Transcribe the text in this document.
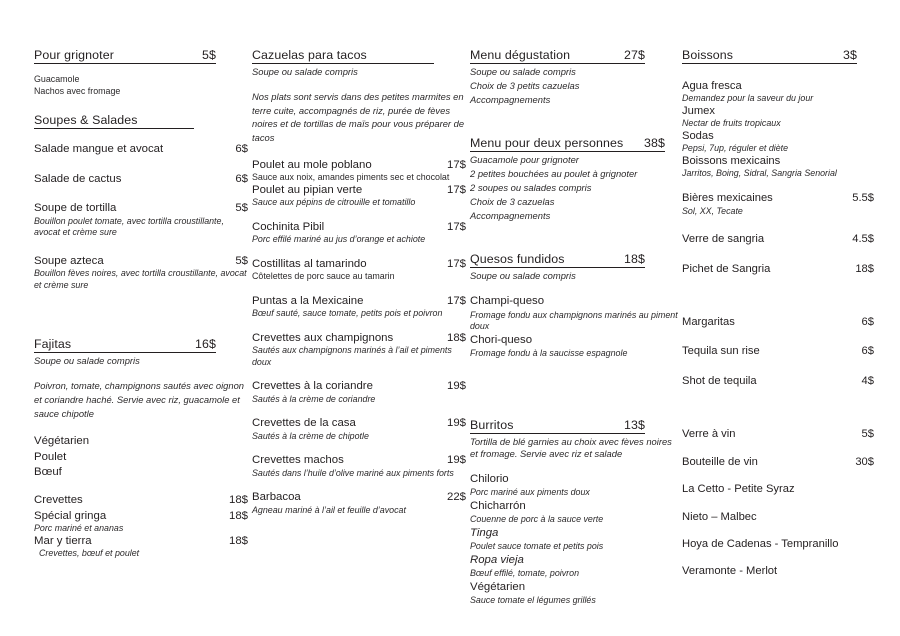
Pour grignoter	5$
Guacamole
Nachos avec fromage
Soupes & Salades
Salade mangue et avocat	6$
Salade de cactus	6$
Soupe de tortilla	5$
Bouillon poulet tomate, avec tortilla croustillante, avocat et crème sure
Soupe azteca	5$
Bouillon fèves noires, avec tortilla croustillante, avocat et crème sure
Fajitas	16$
Soupe ou salade compris
Poivron, tomate, champignons sautés avec oignon et coriandre haché. Servie avec riz, guacamole et sauce chipotle
Végétarien
Poulet
Bœuf
Crevettes	18$
Spécial gringa	18$
Porc mariné et ananas
Mar y tierra	18$
Crevettes, bœuf et poulet
Cazuelas para tacos
Soupe ou salade compris
Nos plats sont servis dans des petites marmites en terre cuite, accompagnés de riz, purée de fèves noires et de tortillas de maïs pour vous préparer de tacos
Poulet au mole poblano	17$
Sauce aux noix, amandes piments sec et chocolat
Poulet au pipian verte	17$
Sauce aux pépins de citrouille et tomatillo
Cochinita Pibil	17$
Porc effilé mariné au jus d’orange et achiote
Costillitas al tamarindo	17$
Côtelettes de porc sauce au tamarin
Puntas a la Mexicaine	17$
Bœuf sauté, sauce tomate, petits pois et poivron
Crevettes aux champignons	18$
Sautés aux champignons marinés à l’ail et piments doux
Crevettes à la coriandre	19$
Sautés à la crème de coriandre
Crevettes de la casa	19$
Sautés à la crème de chipotle
Crevettes machos	19$
Sautés dans l’huile d’olive mariné aux piments forts
Barbacoa	22$
Agneau mariné à l’ail et feuille d’avocat
Menu dégustation	27$
Soupe ou salade compris
Choix de 3 petits cazuelas
Accompagnements
Menu pour deux personnes 38$
Guacamole pour grignoter
2 petites bouchées au poulet à grignoter
2 soupes ou salades compris
Choix de 3 cazuelas
Accompagnements
Quesos fundidos	18$
Soupe ou salade compris
Champi-queso
Fromage fondu aux champignons marinés au piment doux
Chori-queso
Fromage fondu à la saucisse espagnole
Burritos	13$
Tortilla de blé garnies au choix avec fèves noires et fromage. Servie avec riz et salade
Chilorio
Porc mariné aux piments doux
Chicharrón
Couenne de porc à la sauce verte
Tinga
Poulet sauce tomate et petits pois
Ropa vieja
Bœuf effilé, tomate, poivron
Végétarien
Sauce tomate el légumes grillés
Boissons	3$
Agua fresca
Demandez pour la saveur du jour
Jumex
Nectar de fruits tropicaux
Sodas
Pepsi, 7up, réguler et diète
Boissons mexicains
Jarritos, Boing, Sidral, Sangria Senorial
Bières mexicaines	5.5$
Sol, XX, Tecate
Verre de sangria	4.5$
Pichet de Sangria	18$
Margaritas	6$
Tequila sun rise	6$
Shot de tequila	4$
Verre à vin	5$
Bouteille de vin	30$
La Cetto - Petite Syraz
Nieto – Malbec
Hoya de Cadenas - Tempranillo
Veramonte - Merlot
